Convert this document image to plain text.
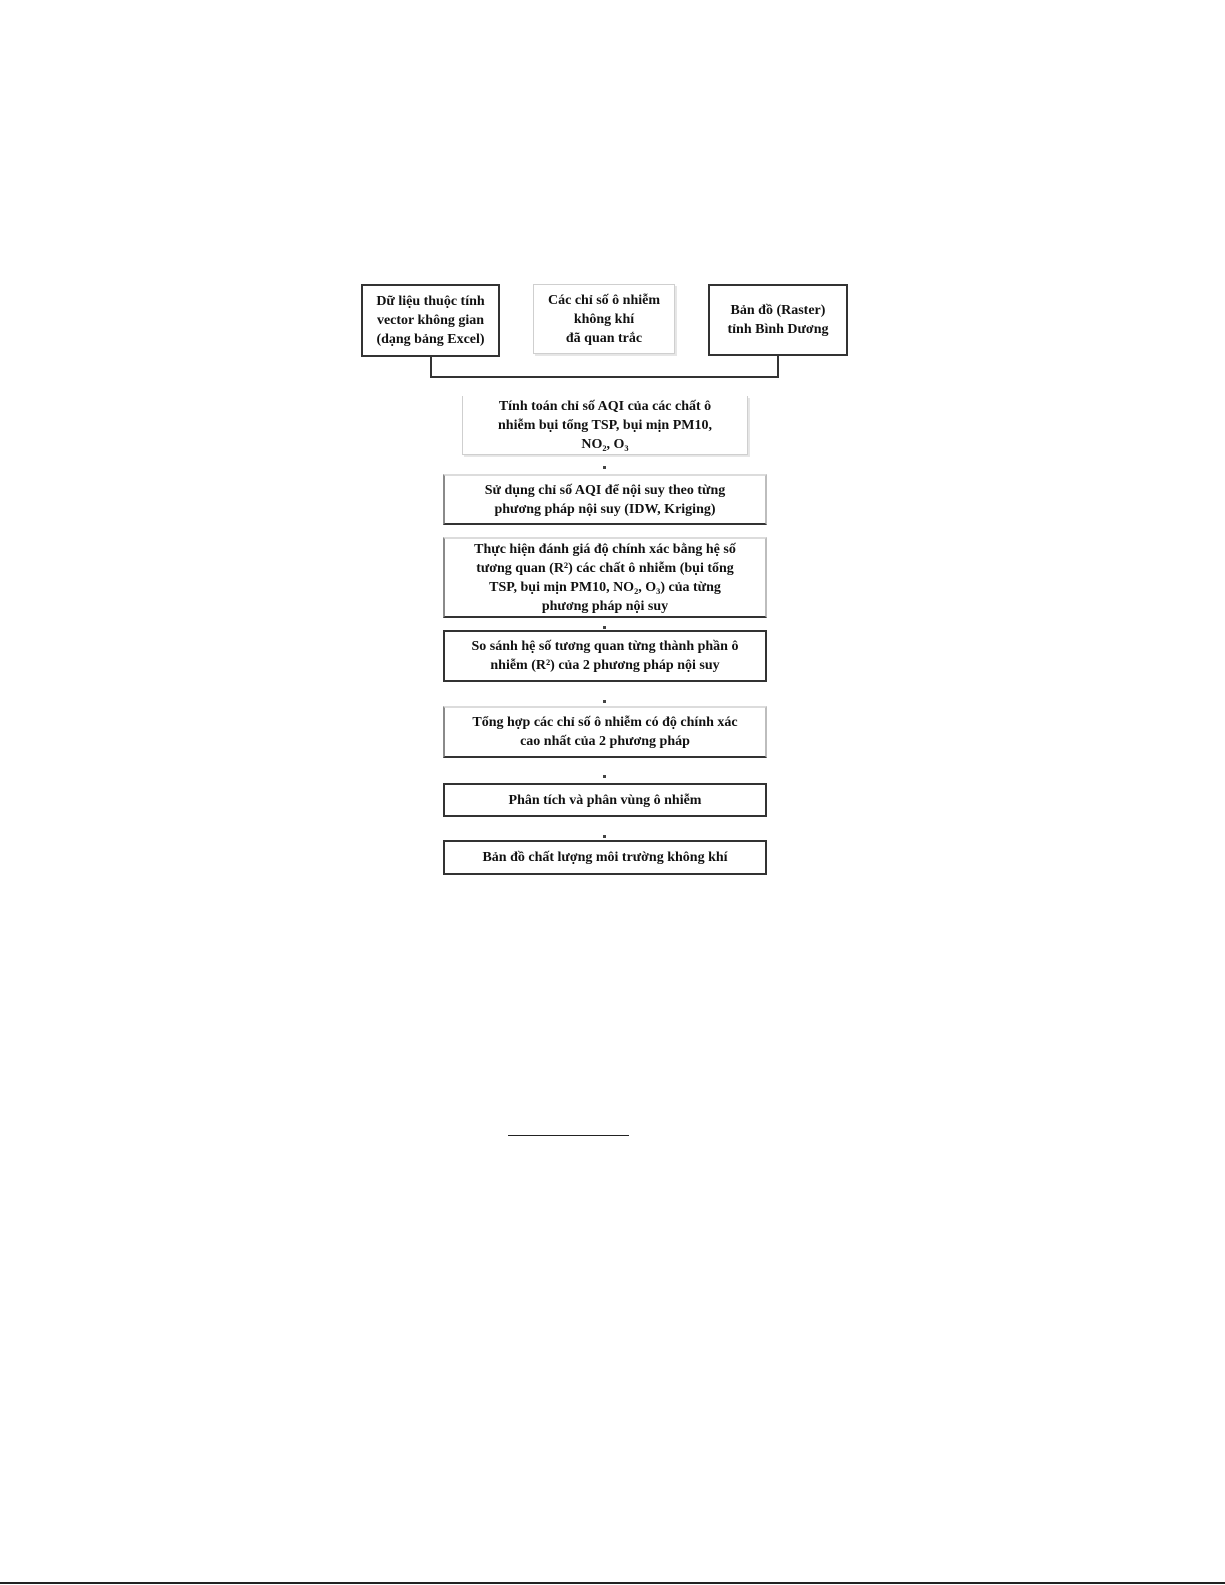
Dữ liệu thuộc tính
vector không gian
(dạng bảng Excel)
Các chỉ số ô nhiễm
không khí
đã quan trắc
Bản đồ (Raster)
tỉnh Bình Dương
Tính toán chỉ số AQI của các chất ô
nhiễm bụi tổng TSP, bụi mịn PM10,
NO₂, O₃
Sử dụng chỉ số AQI để nội suy theo từng
phương pháp nội suy (IDW, Kriging)
Thực hiện đánh giá độ chính xác bằng hệ số
tương quan (R²) các chất ô nhiễm (bụi tổng
TSP, bụi mịn PM10, NO₂, O₃) của từng
phương pháp nội suy
So sánh hệ số tương quan từng thành phần ô
nhiễm (R²) của 2 phương pháp nội suy
Tổng hợp các chỉ số ô nhiễm có độ chính xác
cao nhất của 2 phương pháp
Phân tích và phân vùng ô nhiễm
Bản đồ chất lượng môi trường không khí
